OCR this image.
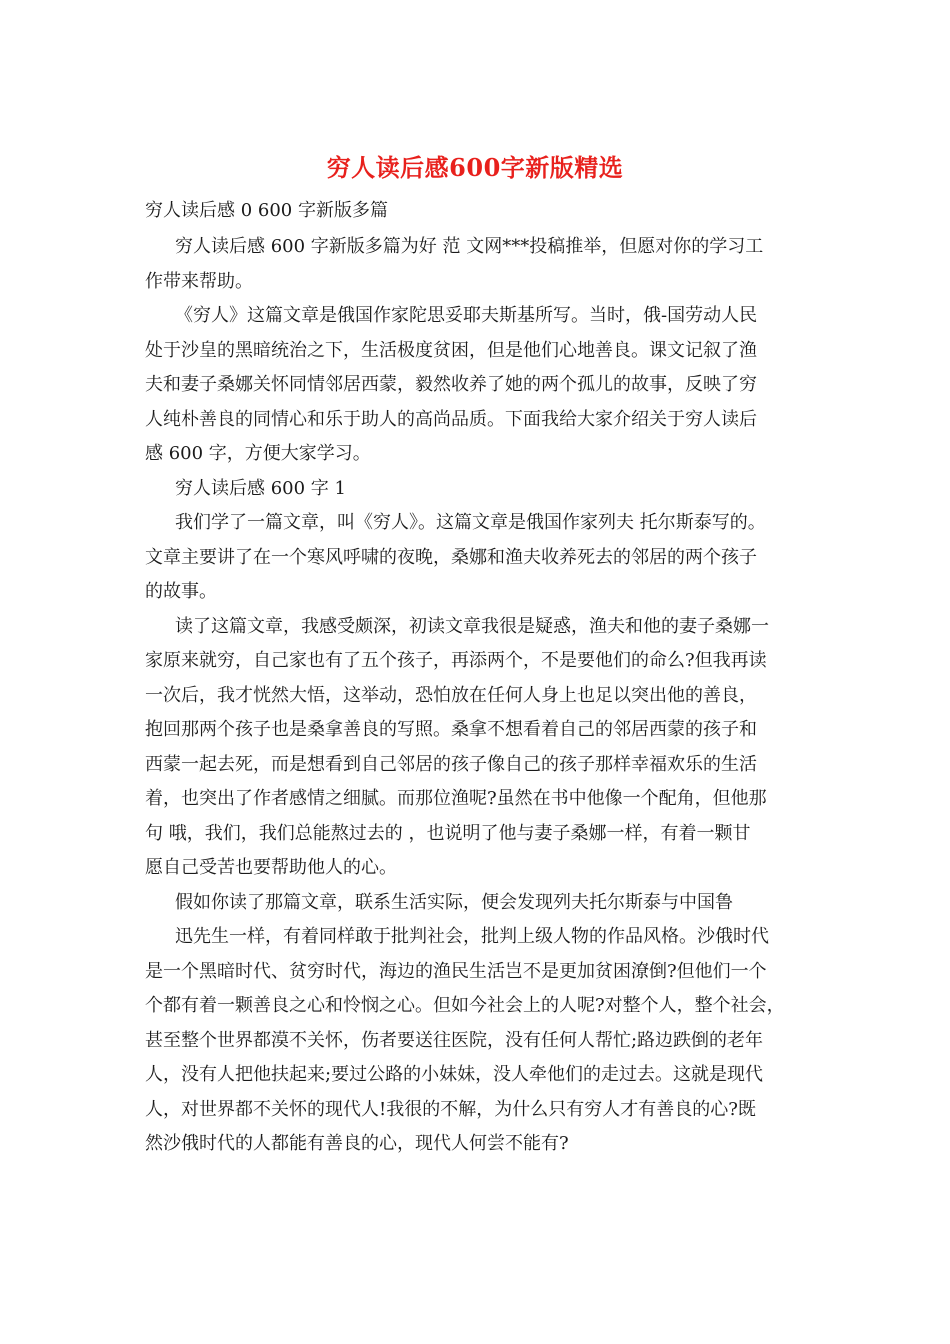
穷人读后感600字新版精选
穷人读后感 0 600 字新版多篇

穷人读后感 600 字新版多篇为好 范 文网***投稿推举，但愿对你的学习工
作带来帮助。

《穷人》这篇文章是俄国作家陀思妥耶夫斯基所写。当时，俄-国劳动人民
处于沙皇的黑暗统治之下，生活极度贫困，但是他们心地善良。课文记叙了渔
夫和妻子桑娜关怀同情邻居西蒙，毅然收养了她的两个孤儿的故事，反映了穷
人纯朴善良的同情心和乐于助人的高尚品质。下面我给大家介绍关于穷人读后
感 600 字，方便大家学习。

穷人读后感 600 字 1

我们学了一篇文章，叫《穷人》。这篇文章是俄国作家列夫 托尔斯泰写的。
文章主要讲了在一个寒风呼啸的夜晚，桑娜和渔夫收养死去的邻居的两个孩子
的故事。

读了这篇文章，我感受颇深，初读文章我很是疑惑，渔夫和他的妻子桑娜一
家原来就穷，自己家也有了五个孩子，再添两个，不是要他们的命么?但我再读
一次后，我才恍然大悟，这举动，恐怕放在任何人身上也足以突出他的善良，
抱回那两个孩子也是桑拿善良的写照。桑拿不想看着自己的邻居西蒙的孩子和
西蒙一起去死，而是想看到自己邻居的孩子像自己的孩子那样幸福欢乐的生活
着，也突出了作者感情之细腻。而那位渔呢?虽然在书中他像一个配角，但他那
句 哦，我们，我们总能熬过去的 ，也说明了他与妻子桑娜一样，有着一颗甘
愿自己受苦也要帮助他人的心。

假如你读了那篇文章，联系生活实际，便会发现列夫托尔斯泰与中国鲁

迅先生一样，有着同样敢于批判社会，批判上级人物的作品风格。沙俄时代
是一个黑暗时代、贫穷时代，海边的渔民生活岂不是更加贫困潦倒?但他们一个
个都有着一颗善良之心和怜悯之心。但如今社会上的人呢?对整个人，整个社会，
甚至整个世界都漠不关怀，伤者要送往医院，没有任何人帮忙;路边跌倒的老年
人，没有人把他扶起来;要过公路的小妹妹，没人牵他们的走过去。这就是现代
人，对世界都不关怀的现代人!我很的不解，为什么只有穷人才有善良的心?既
然沙俄时代的人都能有善良的心，现代人何尝不能有?
